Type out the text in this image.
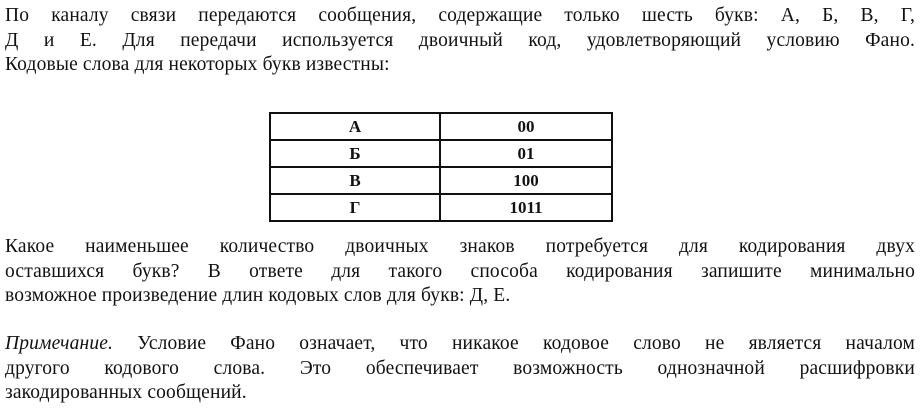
По каналу связи передаются сообщения, содержащие только шесть букв: А, Б, В, Г,
Д и Е. Для передачи используется двоичный код, удовлетворяющий условию Фано.
Кодовые слова для некоторых букв известны:
А	00
Б	01
В	100
Г	1011
Какое наименьшее количество двоичных знаков потребуется для кодирования двух
оставшихся букв? В ответе для такого способа кодирования запишите минимально
возможное произведение длин кодовых слов для букв: Д, Е.
Примечание. Условие Фано означает, что никакое кодовое слово не является началом
другого кодового слова. Это обеспечивает возможность однозначной расшифровки
закодированных сообщений.
